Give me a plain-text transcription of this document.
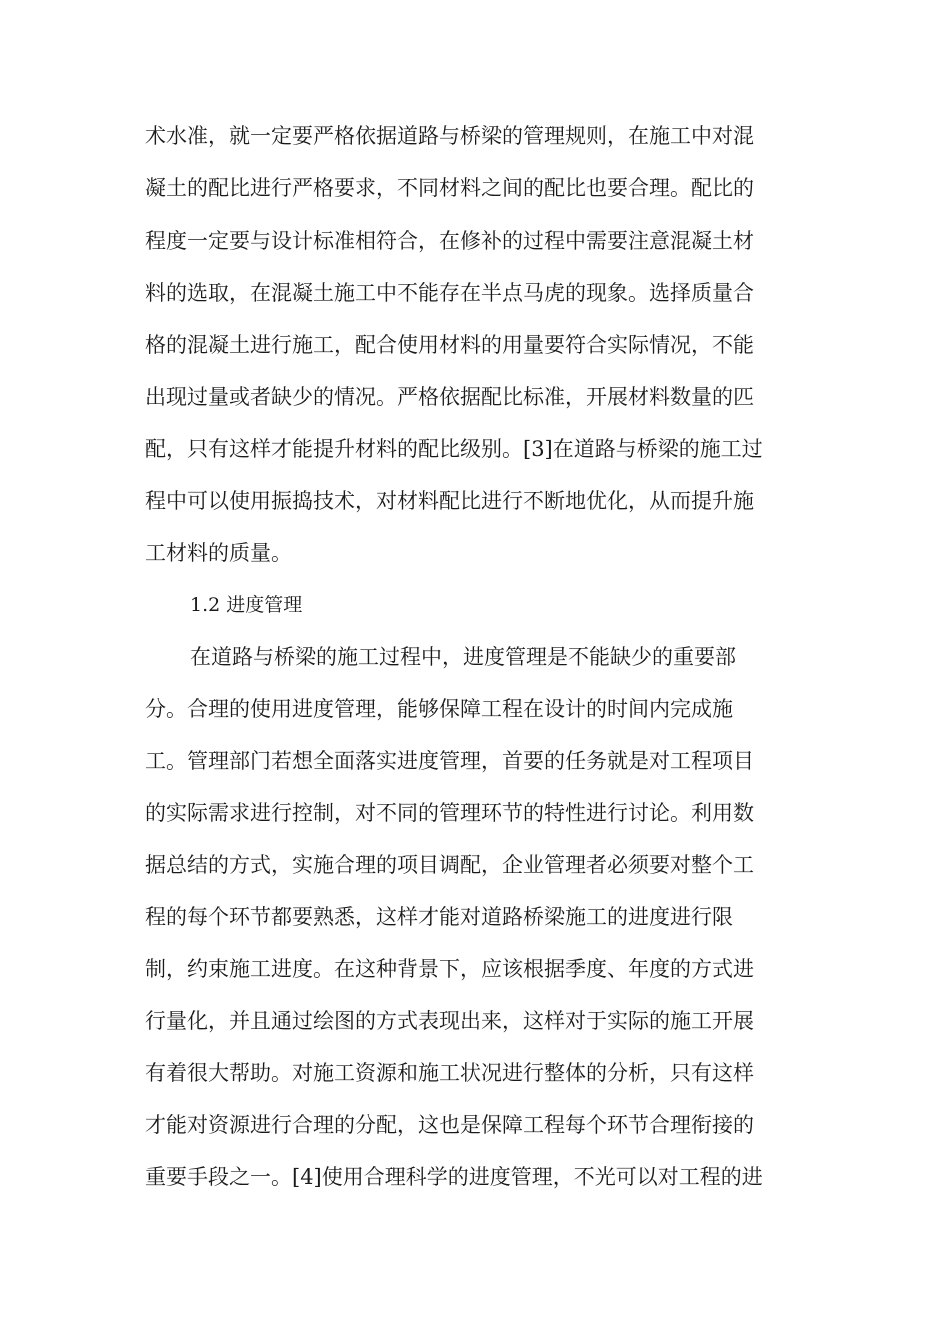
术水准，就一定要严格依据道路与桥梁的管理规则，在施工中对混
凝土的配比进行严格要求，不同材料之间的配比也要合理。配比的
程度一定要与设计标准相符合，在修补的过程中需要注意混凝土材
料的选取，在混凝土施工中不能存在半点马虎的现象。选择质量合
格的混凝土进行施工，配合使用材料的用量要符合实际情况，不能
出现过量或者缺少的情况。严格依据配比标准，开展材料数量的匹
配，只有这样才能提升材料的配比级别。[3]在道路与桥梁的施工过
程中可以使用振捣技术，对材料配比进行不断地优化，从而提升施
工材料的质量。
1.2 进度管理
在道路与桥梁的施工过程中，进度管理是不能缺少的重要部
分。合理的使用进度管理，能够保障工程在设计的时间内完成施
工。管理部门若想全面落实进度管理，首要的任务就是对工程项目
的实际需求进行控制，对不同的管理环节的特性进行讨论。利用数
据总结的方式，实施合理的项目调配，企业管理者必须要对整个工
程的每个环节都要熟悉，这样才能对道路桥梁施工的进度进行限
制，约束施工进度。在这种背景下，应该根据季度、年度的方式进
行量化，并且通过绘图的方式表现出来，这样对于实际的施工开展
有着很大帮助。对施工资源和施工状况进行整体的分析，只有这样
才能对资源进行合理的分配，这也是保障工程每个环节合理衔接的
重要手段之一。[4]使用合理科学的进度管理，不光可以对工程的进
